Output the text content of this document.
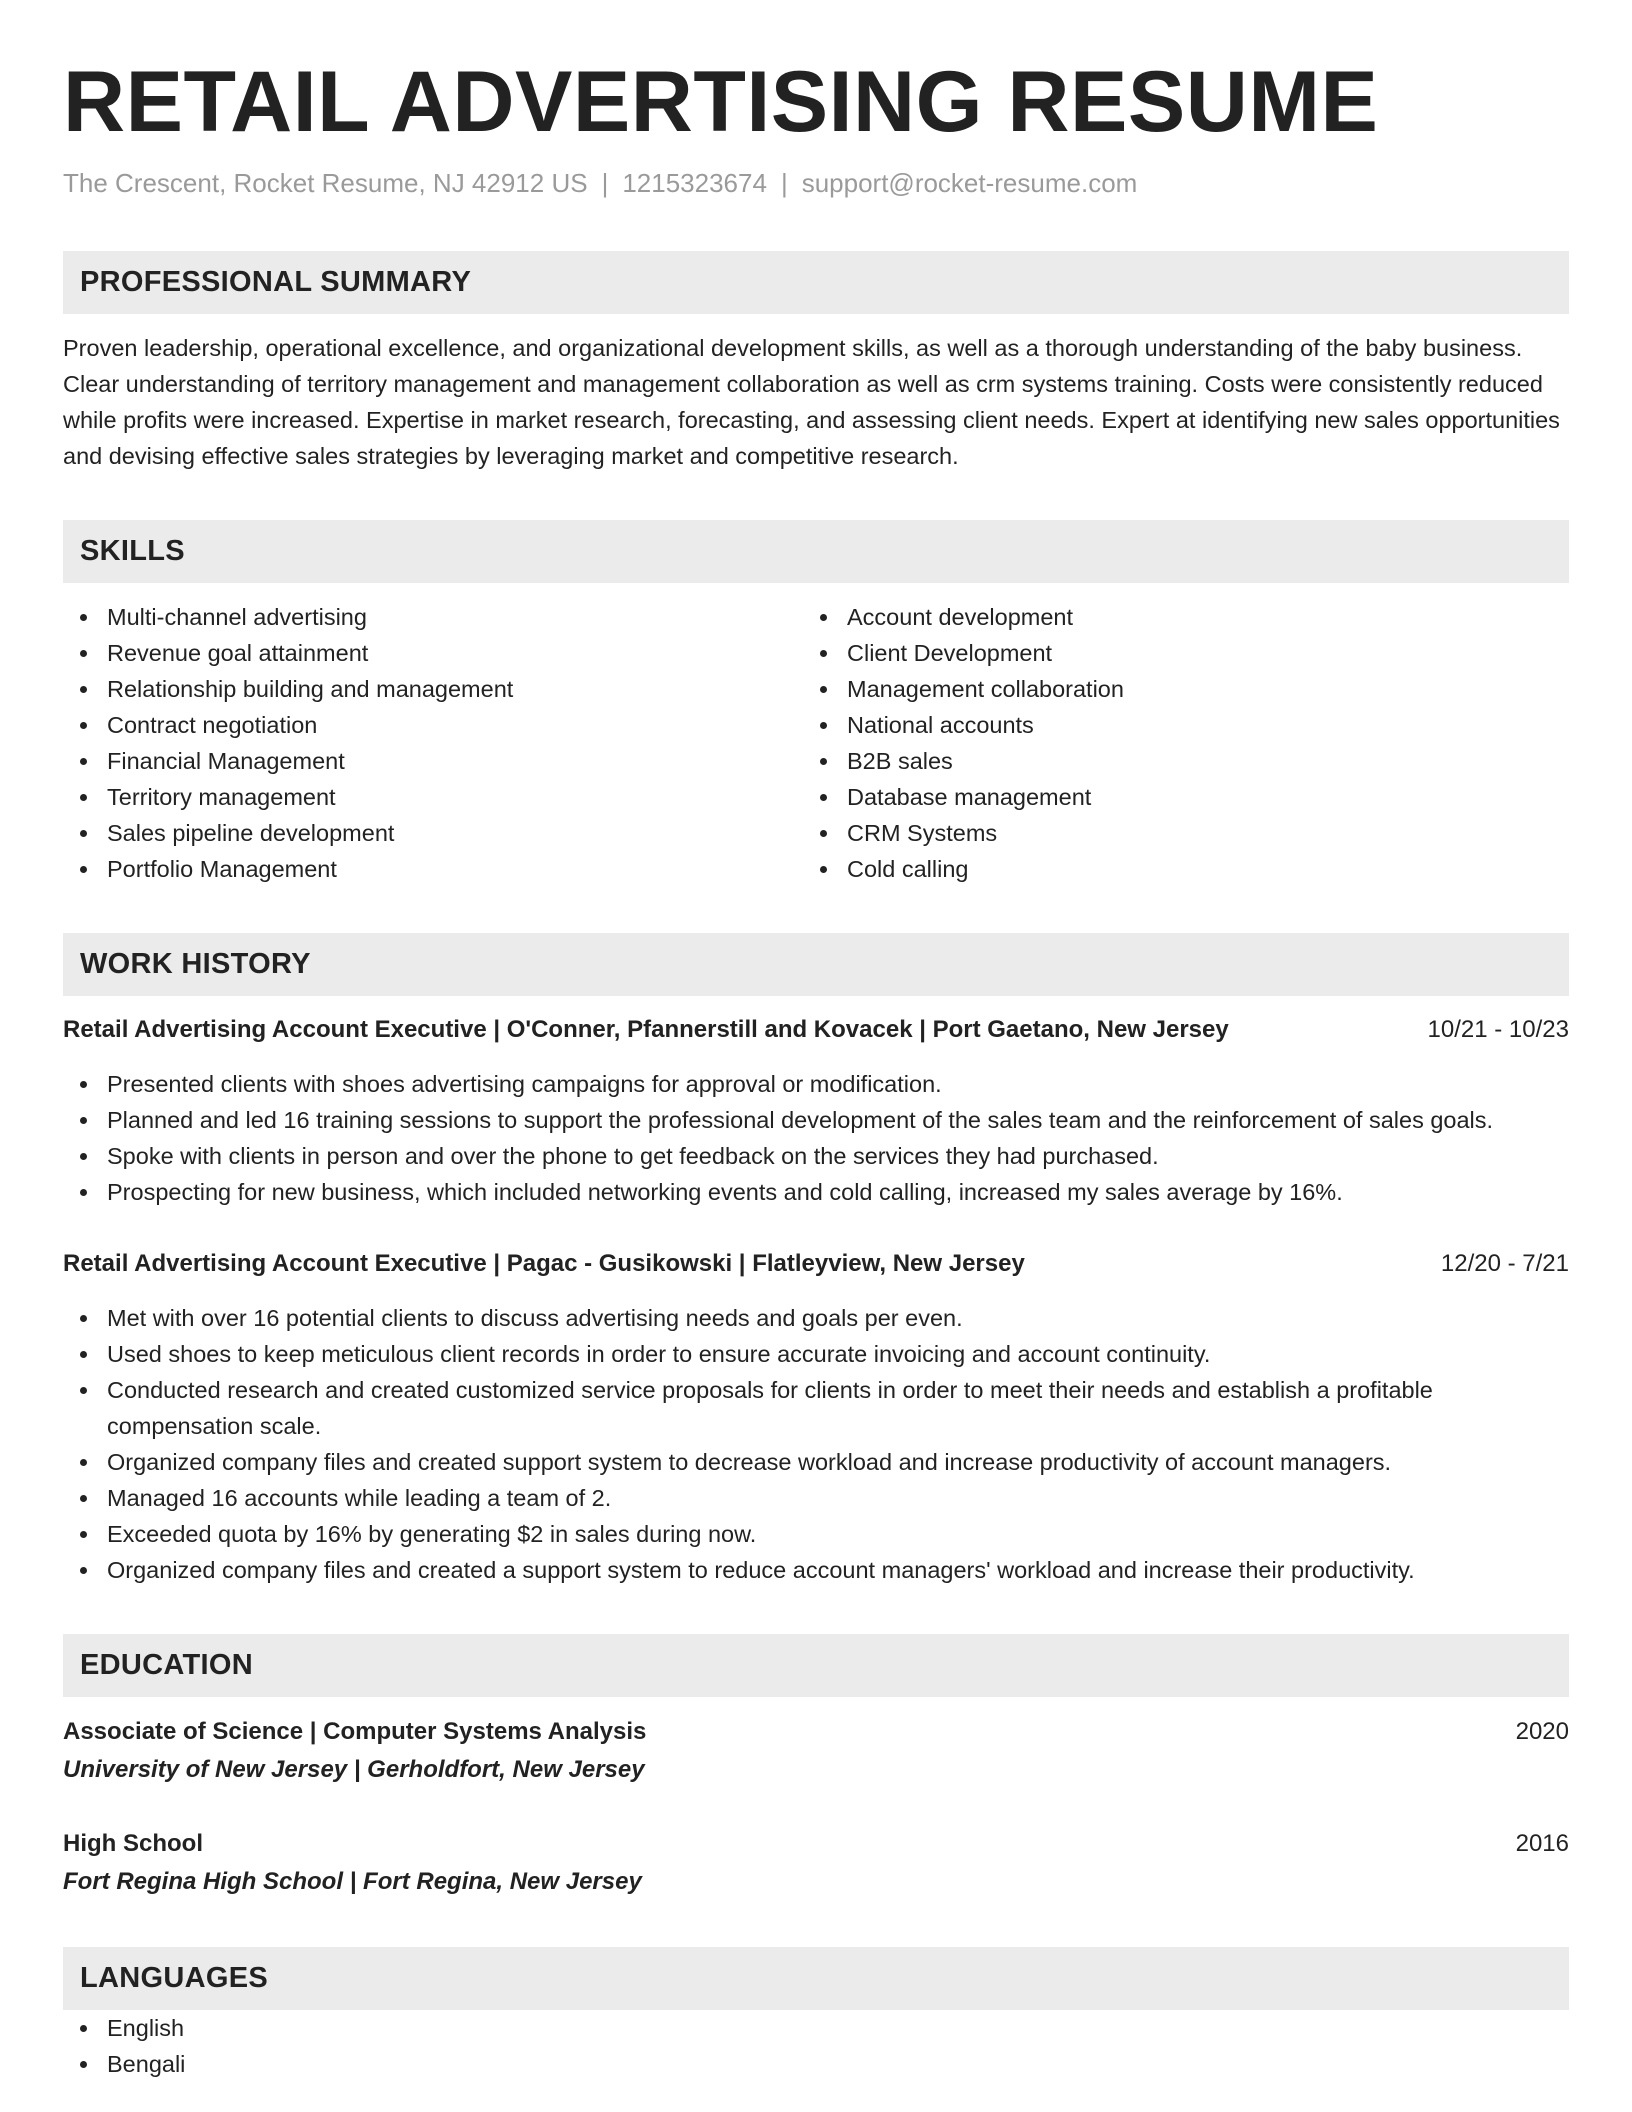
RETAIL ADVERTISING RESUME
The Crescent, Rocket Resume, NJ 42912 US | 1215323674 | support@rocket-resume.com
PROFESSIONAL SUMMARY
Proven leadership, operational excellence, and organizational development skills, as well as a thorough understanding of the baby business. Clear understanding of territory management and management collaboration as well as crm systems training. Costs were consistently reduced while profits were increased. Expertise in market research, forecasting, and assessing client needs. Expert at identifying new sales opportunities and devising effective sales strategies by leveraging market and competitive research.
SKILLS
Multi-channel advertising
Revenue goal attainment
Relationship building and management
Contract negotiation
Financial Management
Territory management
Sales pipeline development
Portfolio Management
Account development
Client Development
Management collaboration
National accounts
B2B sales
Database management
CRM Systems
Cold calling
WORK HISTORY
Retail Advertising Account Executive | O'Conner, Pfannerstill and Kovacek | Port Gaetano, New Jersey	10/21 - 10/23
Presented clients with shoes advertising campaigns for approval or modification.
Planned and led 16 training sessions to support the professional development of the sales team and the reinforcement of sales goals.
Spoke with clients in person and over the phone to get feedback on the services they had purchased.
Prospecting for new business, which included networking events and cold calling, increased my sales average by 16%.
Retail Advertising Account Executive | Pagac - Gusikowski | Flatleyview, New Jersey	12/20 - 7/21
Met with over 16 potential clients to discuss advertising needs and goals per even.
Used shoes to keep meticulous client records in order to ensure accurate invoicing and account continuity.
Conducted research and created customized service proposals for clients in order to meet their needs and establish a profitable compensation scale.
Organized company files and created support system to decrease workload and increase productivity of account managers.
Managed 16 accounts while leading a team of 2.
Exceeded quota by 16% by generating $2 in sales during now.
Organized company files and created a support system to reduce account managers' workload and increase their productivity.
EDUCATION
Associate of Science | Computer Systems Analysis	2020
University of New Jersey | Gerholdfort, New Jersey
High School	2016
Fort Regina High School | Fort Regina, New Jersey
LANGUAGES
English
Bengali
